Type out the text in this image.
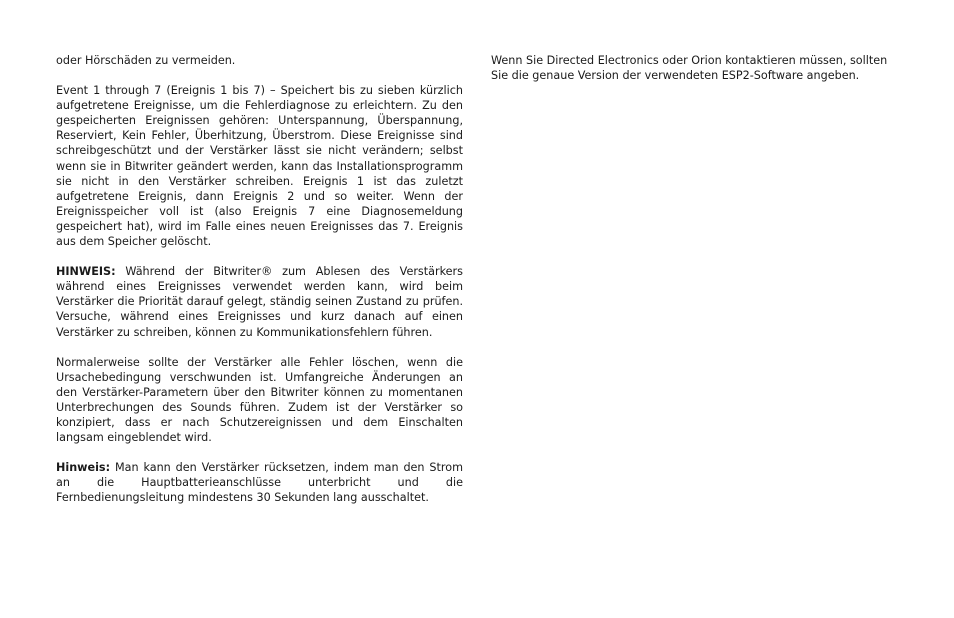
oder Hörschäden zu vermeiden.

Event 1 through 7 (Ereignis 1 bis 7) – Speichert bis zu sieben kürzlich aufgetretene Ereignisse, um die Fehlerdiagnose zu erleichtern. Zu den gespeicherten Ereignissen gehören: Unterspannung, Überspannung, Reserviert, Kein Fehler, Überhitzung, Überstrom. Diese Ereignisse sind schreibgeschützt und der Verstärker lässt sie nicht verändern; selbst wenn sie in Bitwriter geändert werden, kann das Installationsprogramm sie nicht in den Verstärker schreiben. Ereignis 1 ist das zuletzt aufgetretene Ereignis, dann Ereignis 2 und so weiter. Wenn der Ereignisspeicher voll ist (also Ereignis 7 eine Diagnosemeldung gespeichert hat), wird im Falle eines neuen Ereignisses das 7. Ereignis aus dem Speicher gelöscht.

HINWEIS: Während der Bitwriter® zum Ablesen des Verstärkers während eines Ereignisses verwendet werden kann, wird beim Verstärker die Priorität darauf gelegt, ständig seinen Zustand zu prüfen. Versuche, während eines Ereignisses und kurz danach auf einen Verstärker zu schreiben, können zu Kommunikationsfehlern führen.

Normalerweise sollte der Verstärker alle Fehler löschen, wenn die Ursachebedingung verschwunden ist. Umfangreiche Änderungen an den Verstärker-Parametern über den Bitwriter können zu momentanen Unterbrechungen des Sounds führen. Zudem ist der Verstärker so konzipiert, dass er nach Schutzereignissen und dem Einschalten langsam eingeblendet wird.

Hinweis: Man kann den Verstärker rücksetzen, indem man den Strom an die Hauptbatterieanschlüsse unterbricht und die Fernbedienungsleitung mindestens 30 Sekunden lang ausschaltet.

Wenn Sie Directed Electronics oder Orion kontaktieren müssen, sollten Sie die genaue Version der verwendeten ESP2-Software angeben.
